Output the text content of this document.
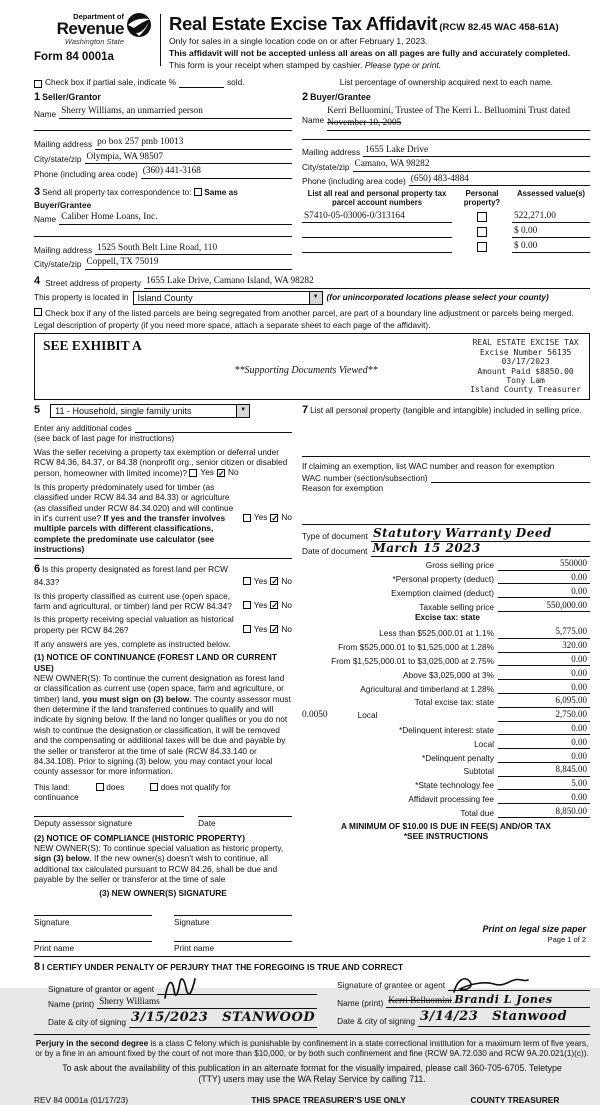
Department of
Revenue
Washington State
Form 84 0001a
Real Estate Excise Tax Affidavit (RCW 82.45 WAC 458-61A)
Only for sales in a single location code on or after February 1, 2023.
This affidavit will not be accepted unless all areas on all pages are fully and accurately completed.
This form is your receipt when stamped by cashier. Please type or print.
Check box if partial sale, indicate %	sold.	List percentage of ownership acquired next to each name.
1 Seller/Grantor
Name Sherry Williams, an unmarried person
Mailing address po box 257 pmb 10013
City/state/zip Olympia, WA 98507
Phone (including area code) (360) 441-3168
3 Send all property tax correspondence to: Same as Buyer/Grantee
Name Caliber Home Loans, Inc.
Mailing address 1525 South Belt Line Road, 110
City/state/zip Coppell, TX 75019
2 Buyer/Grantee
Name
Kerri Belluomini, Trustee of The Kerri L. Belluomini Trust dated
November 10, 2005
Mailing address 1655 Lake Drive
City/state/zip Camano, WA 98282
Phone (including area code) (650) 483-4884
List all real and personal property tax parcel account numbers
Personal property?
Assessed value(s)
S7410-05-03006-0/313164	522,271.00
$ 0.00
$ 0.00
4 Street address of property 1655 Lake Drive, Camano Island, WA 98282
This property is located in	Island County	▼ (for unincorporated locations please select your county)
Check box if any of the listed parcels are being segregated from another parcel, are part of a boundary line adjustment or parcels being merged.
Legal description of property (if you need more space, attach a separate sheet to each page of the affidavit).
SEE EXHIBIT A
**Supporting Documents Viewed**
REAL ESTATE EXCISE TAX
Excise Number 56135
03/17/2023
Amount Paid $8850.00
Tony Lam
Island County Treasurer
5	11 - Household, single family units	▼
Enter any additional codes
(see back of last page for instructions)
Was the seller receiving a property tax exemption or deferral under RCW 84.36, 84.37, or 84.38 (nonprofit org., senior citizen or disabled person, homeowner with limited income)? Yes ✓ No
Is this property predominately used for timber (as classified under RCW 84.34 and 84.33) or agriculture (as classified under RCW 84.34.020) and will continue in it's current use? If yes and the transfer involves multiple parcels with different classifications, complete the predominate use calculator (see instructions)
Yes ✓ No
6 Is this property designated as forest land per RCW 84.33?	Yes ✓ No
Is this property classified as current use (open space, farm and agricultural, or timber) land per RCW 84.34?	Yes ✓ No
Is this property receiving special valuation as historical property per RCW 84.26?	Yes ✓ No
If any answers are yes, complete as instructed below.
(1) NOTICE OF CONTINUANCE (FOREST LAND OR CURRENT USE)
NEW OWNER(S): To continue the current designation as forest land or classification as current use (open space, farm and agriculture, or timber) land, you must sign on (3) below. The county assessor must then determine if the land transferred continues to qualify and will indicate by signing below. If the land no longer qualifies or you do not wish to continue the designation or classification, it will be removed and the compensating or additional taxes will be due and payable by the seller or transferor at the time of sale (RCW 84.33.140 or 84.34.108). Prior to signing (3) below, you may contact your local county assessor for more information.
This land:	does	does not qualify for
continuance
Deputy assessor signature	Date
(2) NOTICE OF COMPLIANCE (HISTORIC PROPERTY)
NEW OWNER(S): To continue special valuation as historic property, sign (3) below. If the new owner(s) doesn't wish to continue, all additional tax calculated pursuant to RCW 84.26, shall be due and payable by the seller or transferor at the time of sale
(3) NEW OWNER(S) SIGNATURE
Signature	Signature
Print name	Print name
7 List all personal property (tangible and intangible) included in selling price.
If claiming an exemption, list WAC number and reason for exemption
WAC number (section/subsection)
Reason for exemption
Type of document Statutory Warranty Deed
Date of document March 15 2023
Gross selling price	550000
*Personal property (deduct)	0.00
Exemption claimed (deduct)	0.00
Taxable selling price	550,000.00
Excise tax: state
Less than $525,000.01 at 1.1%	5,775.00
From $525,000.01 to $1,525,000 at 1.28%	320.00
From $1,525,000.01 to $3,025,000 at 2.75%	0.00
Above $3,025,000 at 3%	0.00
Agricultural and timberland at 1.28%	0.00
Total excise tax: state	6,095.00
0.0050	Local	2,750.00
*Delinquent interest: state	0.00
Local	0.00
*Delinquent penalty	0.00
Subtotal	8,845.00
*State technology fee	5.00
Affidavit processing fee	0.00
Total due	8,850.00
A MINIMUM OF $10.00 IS DUE IN FEE(S) AND/OR TAX
*SEE INSTRUCTIONS
8 I CERTIFY UNDER PENALTY OF PERJURY THAT THE FOREGOING IS TRUE AND CORRECT
Signature of grantor or agent
Name (print) Sherry Williams
Date & city of signing 3/15/2023 STANWOOD
Signature of grantee or agent
Name (print) Kerri Belluomini Brandi L Jones
Date & city of signing 3/14/23 Stanwood
Perjury in the second degree is a class C felony which is punishable by confinement in a state correctional institution for a maximum term of five years, or by a fine in an amount fixed by the court of not more than $10,000, or by both such confinement and fine (RCW 9A.72.030 and RCW 9A.20.021(1)(c)).
To ask about the availability of this publication in an alternate format for the visually impaired, please call 360-705-6705. Teletype (TTY) users may use the WA Relay Service by calling 711.
REV 84 0001a (01/17/23)	THIS SPACE TREASURER'S USE ONLY	COUNTY TREASURER
Print on legal size paper
Page 1 of 2
